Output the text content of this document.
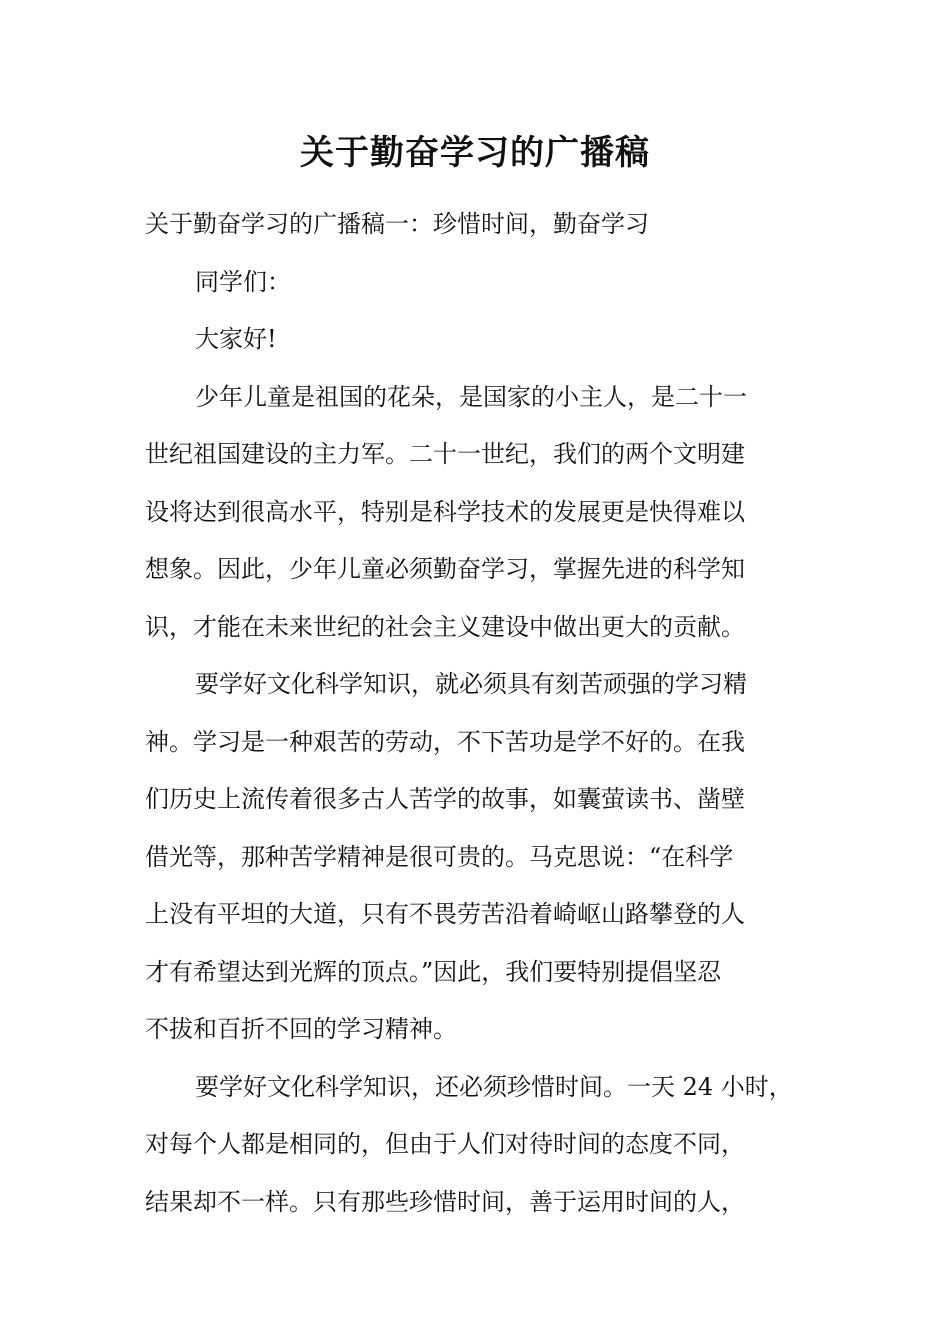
关于勤奋学习的广播稿

关于勤奋学习的广播稿一：珍惜时间，勤奋学习

同学们：

大家好!

少年儿童是祖国的花朵，是国家的小主人，是二十一

世纪祖国建设的主力军。二十一世纪，我们的两个文明建

设将达到很高水平，特别是科学技术的发展更是快得难以

想象。因此，少年儿童必须勤奋学习，掌握先进的科学知

识，才能在未来世纪的社会主义建设中做出更大的贡献。

要学好文化科学知识，就必须具有刻苦顽强的学习精

神。学习是一种艰苦的劳动，不下苦功是学不好的。在我

们历史上流传着很多古人苦学的故事，如囊萤读书、凿壁

借光等，那种苦学精神是很可贵的。马克思说：“在科学

上没有平坦的大道，只有不畏劳苦沿着崎岖山路攀登的人

才有希望达到光辉的顶点。”因此，我们要特别提倡坚忍

不拔和百折不回的学习精神。

要学好文化科学知识，还必须珍惜时间。一天 24 小时，

对每个人都是相同的，但由于人们对待时间的态度不同，

结果却不一样。只有那些珍惜时间，善于运用时间的人，
